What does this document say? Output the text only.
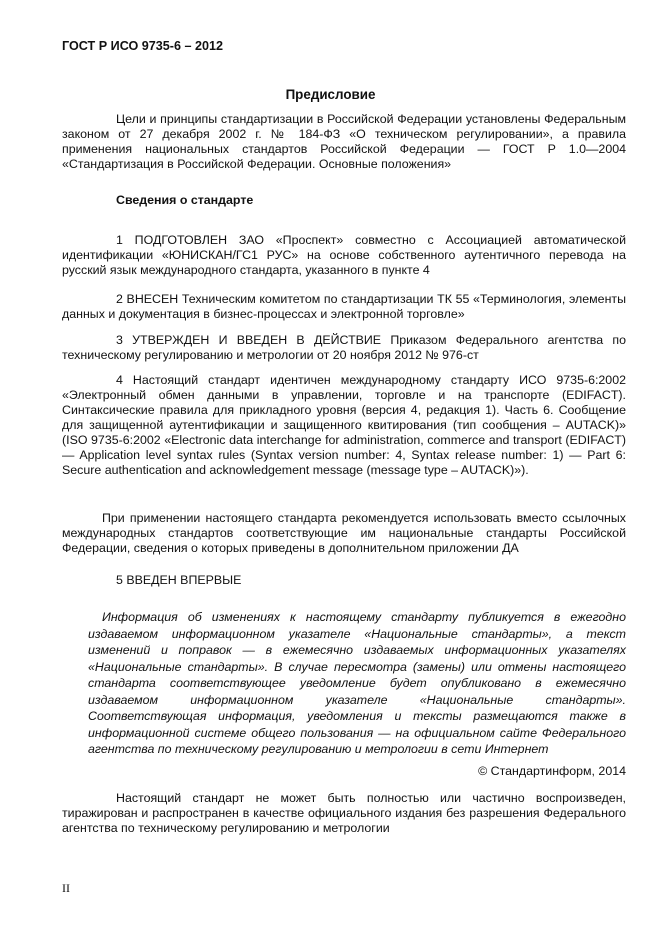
ГОСТ Р ИСО 9735-6 – 2012
Предисловие

Цели и принципы стандартизации в Российской Федерации установлены Федеральным законом от 27 декабря 2002 г. № 184-ФЗ «О техническом регулировании», а правила применения национальных стандартов Российской Федерации — ГОСТ Р 1.0—2004 «Стандартизация в Российской Федерации. Основные положения»

Сведения о стандарте

1 ПОДГОТОВЛЕН ЗАО «Проспект» совместно с Ассоциацией автоматической идентификации «ЮНИСКАН/ГС1 РУС» на основе собственного аутентичного перевода на русский язык международного стандарта, указанного в пункте 4

2 ВНЕСЕН Техническим комитетом по стандартизации ТК 55 «Терминология, элементы данных и документация в бизнес-процессах и электронной торговле»

3 УТВЕРЖДЕН И ВВЕДЕН В ДЕЙСТВИЕ Приказом Федерального агентства по техническому регулированию и метрологии от 20 ноября 2012 № 976-ст

4 Настоящий стандарт идентичен международному стандарту ИСО 9735-6:2002 «Электронный обмен данными в управлении, торговле и на транспорте (EDIFACT). Синтаксические правила для прикладного уровня (версия 4, редакция 1). Часть 6. Сообщение для защищенной аутентификации и защищенного квитирования (тип сообщения – AUTACK)» (ISO 9735-6:2002 «Electronic data interchange for administration, commerce and transport (EDIFACT) — Application level syntax rules (Syntax version number: 4, Syntax release number: 1) — Part 6: Secure authentication and acknowledgement message (message type – AUTACK)»).

При применении настоящего стандарта рекомендуется использовать вместо ссылочных международных стандартов соответствующие им национальные стандарты Российской Федерации, сведения о которых приведены в дополнительном приложении ДА

5 ВВЕДЕН ВПЕРВЫЕ

Информация об изменениях к настоящему стандарту публикуется в ежегодно издаваемом информационном указателе «Национальные стандарты», а текст изменений и поправок — в ежемесячно издаваемых информационных указателях «Национальные стандарты». В случае пересмотра (замены) или отмены настоящего стандарта соответствующее уведомление будет опубликовано в ежемесячно издаваемом информационном указателе «Национальные стандарты». Соответствующая информация, уведомления и тексты размещаются также в информационной системе общего пользования — на официальном сайте Федерального агентства по техническому регулированию и метрологии в сети Интернет

© Стандартинформ, 2014

Настоящий стандарт не может быть полностью или частично воспроизведен, тиражирован и распространен в качестве официального издания без разрешения Федерального агентства по техническому регулированию и метрологии

II
